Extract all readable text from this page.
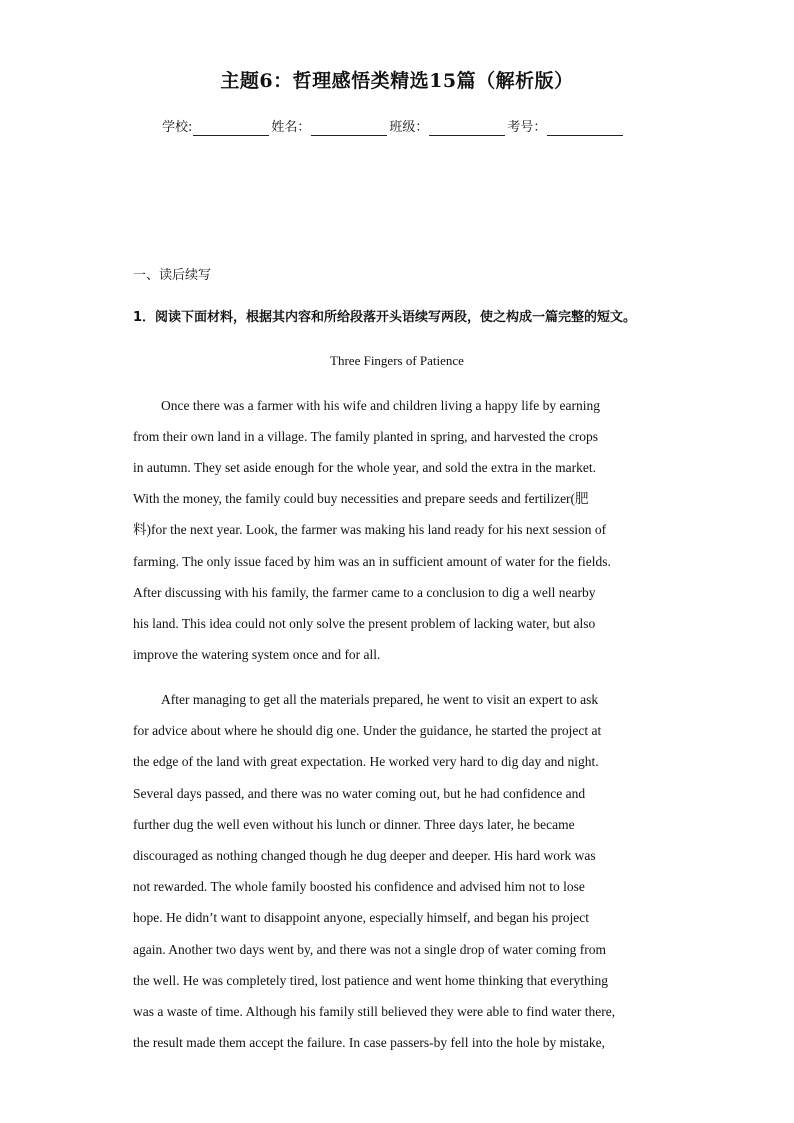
主题6：哲理感悟类精选15篇（解析版）
学校:	姓名：	班级：	考号：
一、读后续写
1．阅读下面材料，根据其内容和所给段落开头语续写两段，使之构成一篇完整的短文。
Three Fingers of Patience
Once there was a farmer with his wife and children living a happy life by earning
from their own land in a village. The family planted in spring, and harvested the crops
in autumn. They set aside enough for the whole year, and sold the extra in the market.
With the money, the family could buy necessities and prepare seeds and fertilizer(肥
料)for the next year. Look, the farmer was making his land ready for his next session of
farming. The only issue faced by him was an in sufficient amount of water for the fields.
After discussing with his family, the farmer came to a conclusion to dig a well nearby
his land. This idea could not only solve the present problem of lacking water, but also
improve the watering system once and for all.
After managing to get all the materials prepared, he went to visit an expert to ask
for advice about where he should dig one. Under the guidance, he started the project at
the edge of the land with great expectation. He worked very hard to dig day and night.
Several days passed, and there was no water coming out, but he had confidence and
further dug the well even without his lunch or dinner. Three days later, he became
discouraged as nothing changed though he dug deeper and deeper. His hard work was
not rewarded. The whole family boosted his confidence and advised him not to lose
hope. He didn’t want to disappoint anyone, especially himself, and began his project
again. Another two days went by, and there was not a single drop of water coming from
the well. He was completely tired, lost patience and went home thinking that everything
was a waste of time. Although his family still believed they were able to find water there,
the result made them accept the failure. In case passers-by fell into the hole by mistake,
